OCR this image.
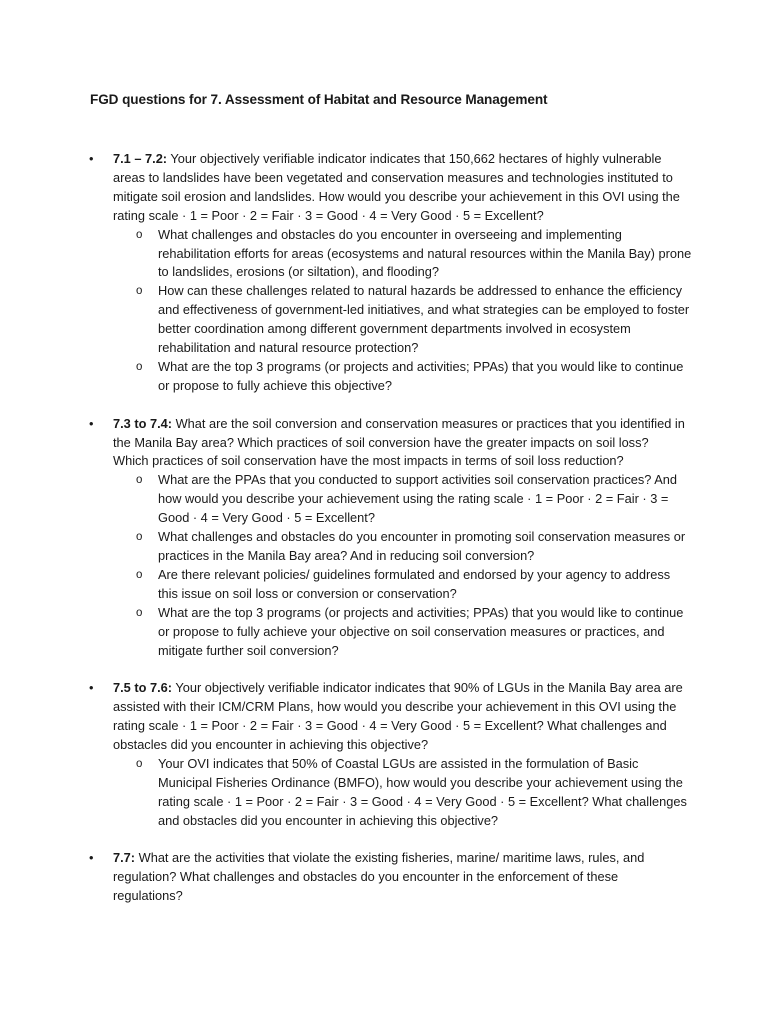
FGD questions for 7. Assessment of Habitat and Resource Management
• 7.1 – 7.2: Your objectively verifiable indicator indicates that 150,662 hectares of highly vulnerable areas to landslides have been vegetated and conservation measures and technologies instituted to mitigate soil erosion and landslides. How would you describe your achievement in this OVI using the rating scale · 1 = Poor · 2 = Fair · 3 = Good · 4 = Very Good · 5 = Excellent?
o What challenges and obstacles do you encounter in overseeing and implementing rehabilitation efforts for areas (ecosystems and natural resources within the Manila Bay) prone to landslides, erosions (or siltation), and flooding?
o How can these challenges related to natural hazards be addressed to enhance the efficiency and effectiveness of government-led initiatives, and what strategies can be employed to foster better coordination among different government departments involved in ecosystem rehabilitation and natural resource protection?
o What are the top 3 programs (or projects and activities; PPAs) that you would like to continue or propose to fully achieve this objective?
• 7.3 to 7.4: What are the soil conversion and conservation measures or practices that you identified in the Manila Bay area? Which practices of soil conversion have the greater impacts on soil loss? Which practices of soil conservation have the most impacts in terms of soil loss reduction?
o What are the PPAs that you conducted to support activities soil conservation practices? And how would you describe your achievement using the rating scale · 1 = Poor · 2 = Fair · 3 = Good · 4 = Very Good · 5 = Excellent?
o What challenges and obstacles do you encounter in promoting soil conservation measures or practices in the Manila Bay area? And in reducing soil conversion?
o Are there relevant policies/ guidelines formulated and endorsed by your agency to address this issue on soil loss or conversion or conservation?
o What are the top 3 programs (or projects and activities; PPAs) that you would like to continue or propose to fully achieve your objective on soil conservation measures or practices, and mitigate further soil conversion?
• 7.5 to 7.6: Your objectively verifiable indicator indicates that 90% of LGUs in the Manila Bay area are assisted with their ICM/CRM Plans, how would you describe your achievement in this OVI using the rating scale · 1 = Poor · 2 = Fair · 3 = Good · 4 = Very Good · 5 = Excellent? What challenges and obstacles did you encounter in achieving this objective?
o Your OVI indicates that 50% of Coastal LGUs are assisted in the formulation of Basic Municipal Fisheries Ordinance (BMFO), how would you describe your achievement using the rating scale · 1 = Poor · 2 = Fair · 3 = Good · 4 = Very Good · 5 = Excellent? What challenges and obstacles did you encounter in achieving this objective?
• 7.7: What are the activities that violate the existing fisheries, marine/ maritime laws, rules, and regulation? What challenges and obstacles do you encounter in the enforcement of these regulations?
